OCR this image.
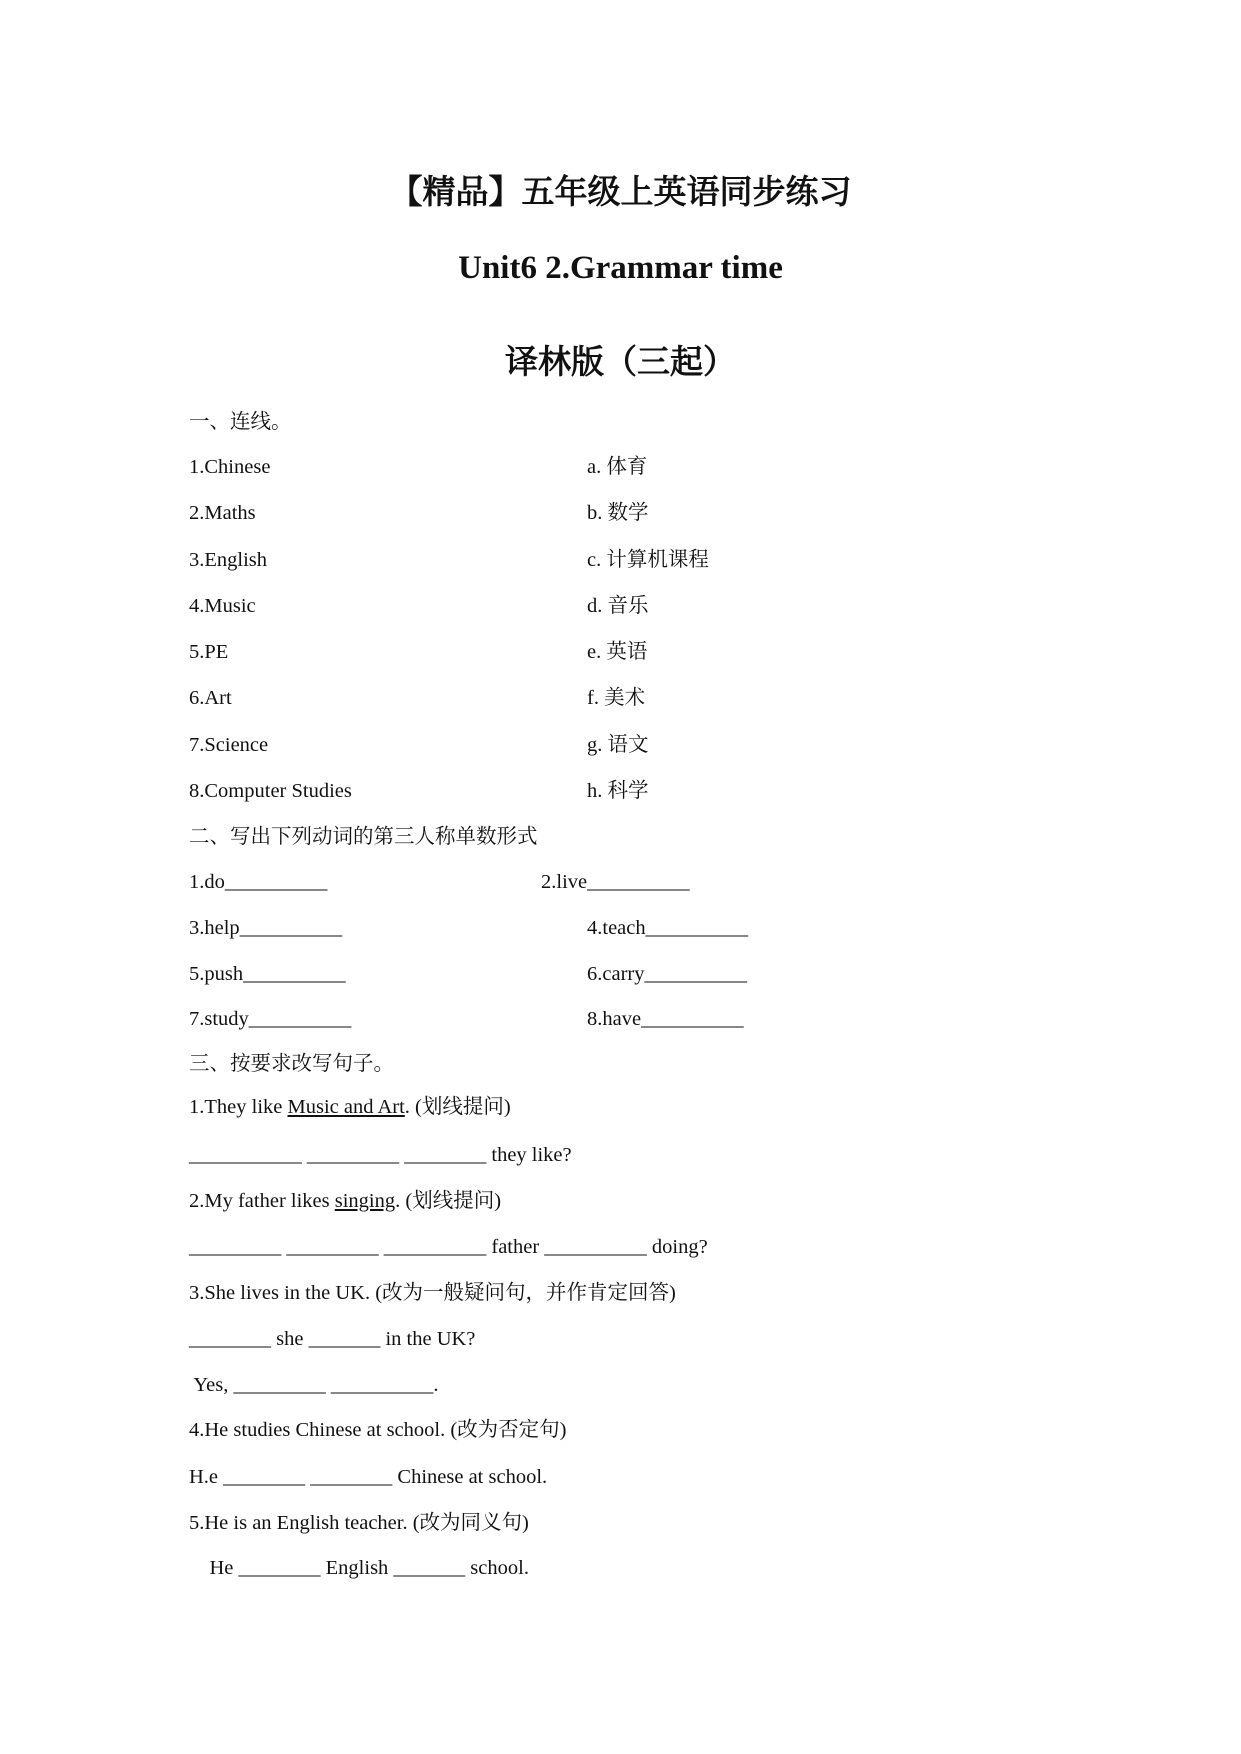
【精品】五年级上英语同步练习
Unit6 2.Grammar time
译林版（三起）
一、连线。
1.Chinese	a. 体育
2.Maths	b. 数学
3.English	c. 计算机课程
4.Music	d. 音乐
5.PE	e. 英语
6.Art	f. 美术
7.Science	g. 语文
8.Computer Studies	h. 科学
二、写出下列动词的第三人称单数形式
1.do__________	2.live__________
3.help__________	4.teach__________
5.push__________	6.carry__________
7.study__________	8.have__________
三、按要求改写句子。
1.They like Music and Art. (划线提问)
___________ _________ ________ they like?
2.My father likes singing. (划线提问)
_________ _________ __________ father __________ doing?
3.She lives in the UK. (改为一般疑问句，并作肯定回答)
________ she _______ in the UK?
Yes, _________ __________.
4.He studies Chinese at school. (改为否定句)
H.e ________ ________ Chinese at school.
5.He is an English teacher. (改为同义句)
He ________ English _______ school.
